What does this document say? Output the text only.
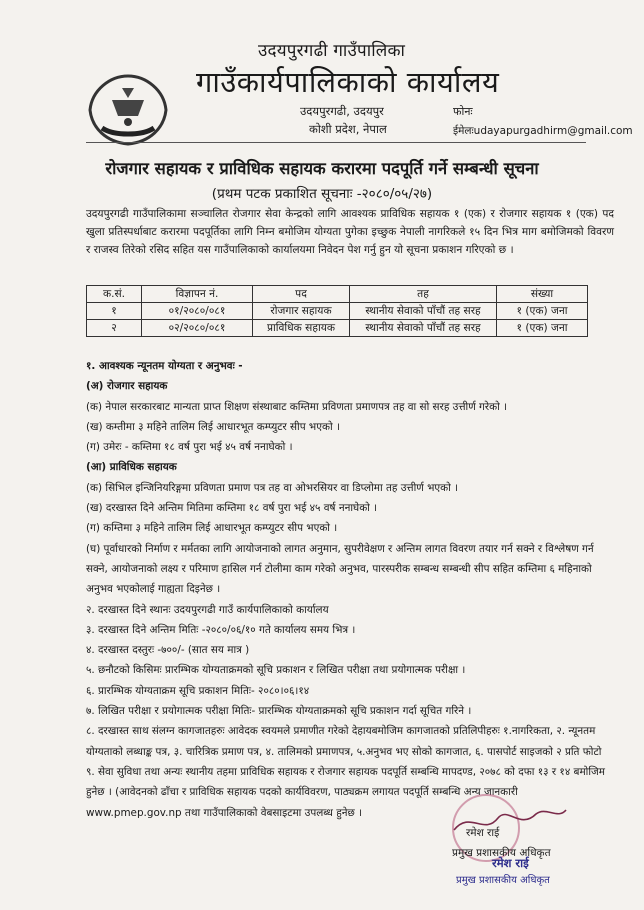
उदयपुरगढी गाउँपालिका
गाउँकार्यपालिकाको कार्यालय
उदयपुरगढी, उदयपुर
कोशी प्रदेश, नेपाल
फोनः
ईमेलःudayapurgadhirm@gmail.com
रोजगार सहायक र प्राविधिक सहायक करारमा पदपूर्ति गर्ने सम्बन्धी सूचना
(प्रथम पटक प्रकाशित सूचनाः -२०८०/०५/२७)
उदयपुरगढी गाउँपालिकामा सञ्चालित रोजगार सेवा केन्द्रको लागि आवश्यक प्राविधिक सहायक १ (एक) र रोजगार सहायक १ (एक) पद खुला प्रतिस्पर्धाबाट करारमा पदपूर्तिका लागि निम्न बमोजिम योग्यता पुगेका इच्छुक नेपाली नागरिकले १५ दिन भित्र माग बमोजिमको विवरण र राजस्व तिरेको रसिद सहित यस गाउँपालिकाको कार्यालयमा निवेदन पेश गर्नु हुन यो सूचना प्रकाशन गरिएको छ ।
क.सं.	विज्ञापन नं.	पद	तह	संख्या
१	०१/२०८०/०८१	रोजगार सहायक	स्थानीय सेवाको पाँचौं तह सरह	१ (एक) जना
२	०२/२०८०/०८१	प्राविधिक सहायक	स्थानीय सेवाको पाँचौं तह सरह	१ (एक) जना

१. आवश्यक न्यूनतम योग्यता र अनुभवः -

(अ) रोजगार सहायक

(क) नेपाल सरकारबाट मान्यता प्राप्त शिक्षण संस्थाबाट कम्तिमा प्रविणता प्रमाणपत्र तह वा सो सरह उत्तीर्ण गरेको ।

(ख) कम्तीमा ३ महिने तालिम लिई आधारभूत कम्प्युटर सीप भएको ।

(ग) उमेरः - कम्तिमा १८ वर्ष पुरा भई ४५ वर्ष ननाघेको ।

(आ) प्राविधिक सहायक

(क) सिभिल इन्जिनियरिङ्गमा प्रविणता प्रमाण पत्र तह वा ओभरसियर वा डिप्लोमा तह उत्तीर्ण भएको ।

(ख) दरखास्त दिने अन्तिम मितिमा कम्तिमा १८ वर्ष पुरा भई ४५ वर्ष ननाघेको ।

(ग) कम्तिमा ३ महिने तालिम लिई आधारभूत कम्प्युटर सीप भएको ।

(घ) पूर्वाधारको निर्माण र मर्मतका लागि आयोजनाको लागत अनुमान, सुपरीवेक्षण र अन्तिम लागत विवरण तयार गर्न सक्ने र विश्लेषण गर्न सक्ने, आयोजनाको लक्ष्य र परिमाण हासिल गर्न टोलीमा काम गरेको अनुभव, पारस्परीक सम्बन्ध सम्बन्धी सीप सहित कम्तिमा ६ महिनाको अनुभव भएकोलाई गाह्यता दिइनेछ ।

२. दरखास्त दिने स्थानः उदयपुरगढी गाउँ कार्यपालिकाको कार्यालय

३. दरखास्त दिने अन्तिम मितिः -२०८०/०६/१० गते कार्यालय समय भित्र ।

४. दरखास्त दस्तुरः -७००/- (सात सय मात्र )

५. छनौटको किसिमः प्रारम्भिक योग्यताक्रमको सूचि प्रकाशन र लिखित परीक्षा तथा प्रयोगात्मक परीक्षा ।

६. प्रारम्भिक योग्यताक्रम सूचि प्रकाशन मितिः- २०८०।०६।१४

७. लिखित परीक्षा र प्रयोगात्मक परीक्षा मितिः- प्रारम्भिक योग्यताक्रमको सूचि प्रकाशन गर्दा सूचित गरिने ।

८. दरखास्त साथ संलग्न कागजातहरुः आवेदक स्वयमले प्रमाणीत गरेको देहायबमोजिम कागजातको प्रतिलिपीहरुः १.नागरिकता, २. न्यूनतम योग्यताको लब्धाङ्क पत्र, ३. चारित्रिक प्रमाण पत्र, ४. तालिमको प्रमाणपत्र, ५.अनुभव भए सोको कागजात, ६. पासपोर्ट साइजको २ प्रति फोटो

९. सेवा सुविधा तथा अन्यः स्थानीय तहमा प्राविधिक सहायक र रोजगार सहायक पदपूर्ति सम्बन्धि मापदण्ड, २०७८ को दफा १३ र १४ बमोजिम हुनेछ । (आवेदनको ढाँचा र प्राविधिक सहायक पदको कार्यविवरण, पाठ्यक्रम लगायत पदपूर्ति सम्बन्धि अन्य जानकारी www.pmep.gov.np तथा गाउँपालिकाको वेबसाइटमा उपलब्ध हुनेछ ।

रमेश राई
प्रमुख प्रशासकीय अधिकृत
रमेश राई
प्रमुख प्रशासकीय अधिकृत
